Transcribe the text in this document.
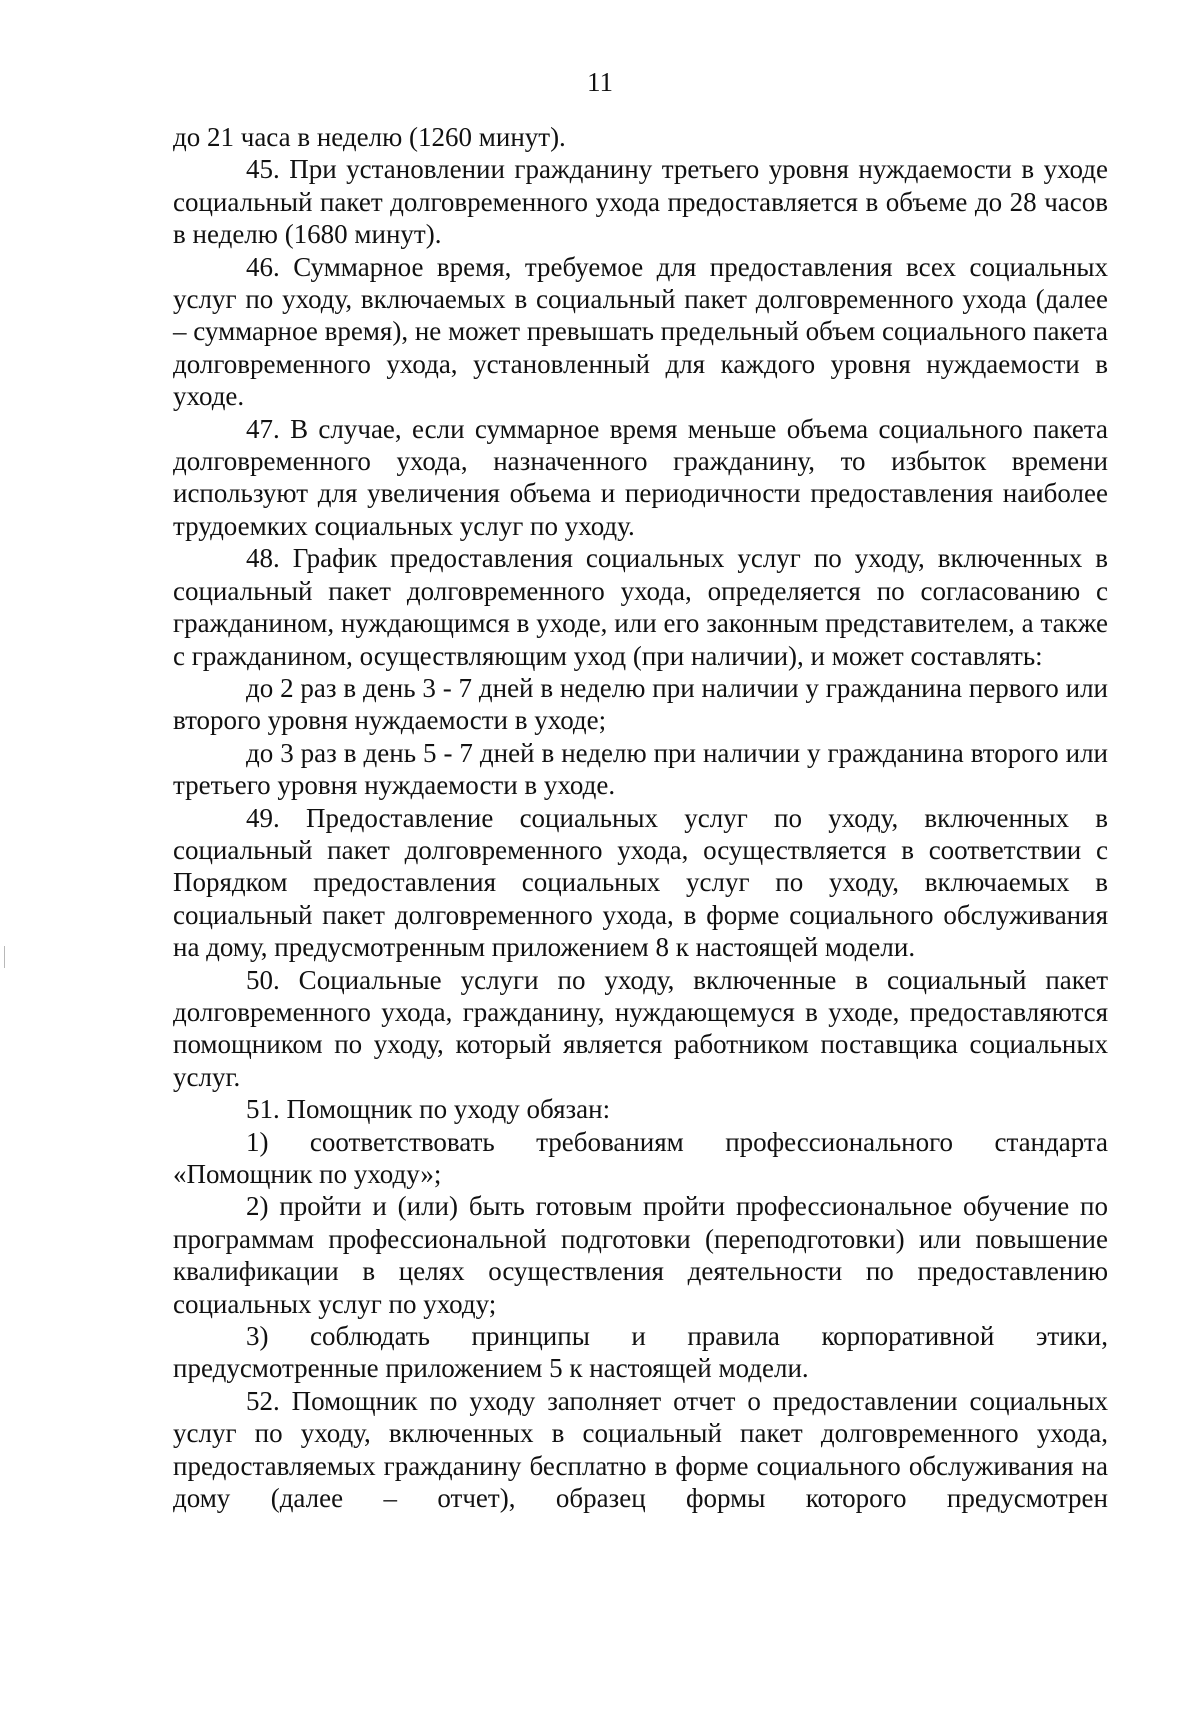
11

до 21 часа в неделю (1260 минут).

45. При установлении гражданину третьего уровня нуждаемости в уходе социальный пакет долговременного ухода предоставляется в объеме до 28 часов в неделю (1680 минут).

46. Суммарное время, требуемое для предоставления всех социальных услуг по уходу, включаемых в социальный пакет долговременного ухода (далее – суммарное время), не может превышать предельный объем социального пакета долговременного ухода, установленный для каждого уровня нуждаемости в уходе.

47. В случае, если суммарное время меньше объема социального пакета долговременного ухода, назначенного гражданину, то избыток времени используют для увеличения объема и периодичности предоставления наиболее трудоемких социальных услуг по уходу.

48. График предоставления социальных услуг по уходу, включенных в социальный пакет долговременного ухода, определяется по согласованию с гражданином, нуждающимся в уходе, или его законным представителем, а также с гражданином, осуществляющим уход (при наличии), и может составлять:

до 2 раз в день 3 - 7 дней в неделю при наличии у гражданина первого или второго уровня нуждаемости в уходе;

до 3 раз в день 5 - 7 дней в неделю при наличии у гражданина второго или третьего уровня нуждаемости в уходе.

49. Предоставление социальных услуг по уходу, включенных в социальный пакет долговременного ухода, осуществляется в соответствии с Порядком предоставления социальных услуг по уходу, включаемых в социальный пакет долговременного ухода, в форме социального обслуживания на дому, предусмотренным приложением 8 к настоящей модели.

50. Социальные услуги по уходу, включенные в социальный пакет долговременного ухода, гражданину, нуждающемуся в уходе, предоставляются помощником по уходу, который является работником поставщика социальных услуг.

51. Помощник по уходу обязан:

1) соответствовать требованиям профессионального стандарта «Помощник по уходу»;

2) пройти и (или) быть готовым пройти профессиональное обучение по программам профессиональной подготовки (переподготовки) или повышение квалификации в целях осуществления деятельности по предоставлению социальных услуг по уходу;

3) соблюдать принципы и правила корпоративной этики, предусмотренные приложением 5 к настоящей модели.

52. Помощник по уходу заполняет отчет о предоставлении социальных услуг по уходу, включенных в социальный пакет долговременного ухода, предоставляемых гражданину бесплатно в форме социального обслуживания на дому (далее – отчет), образец формы которого предусмотрен
